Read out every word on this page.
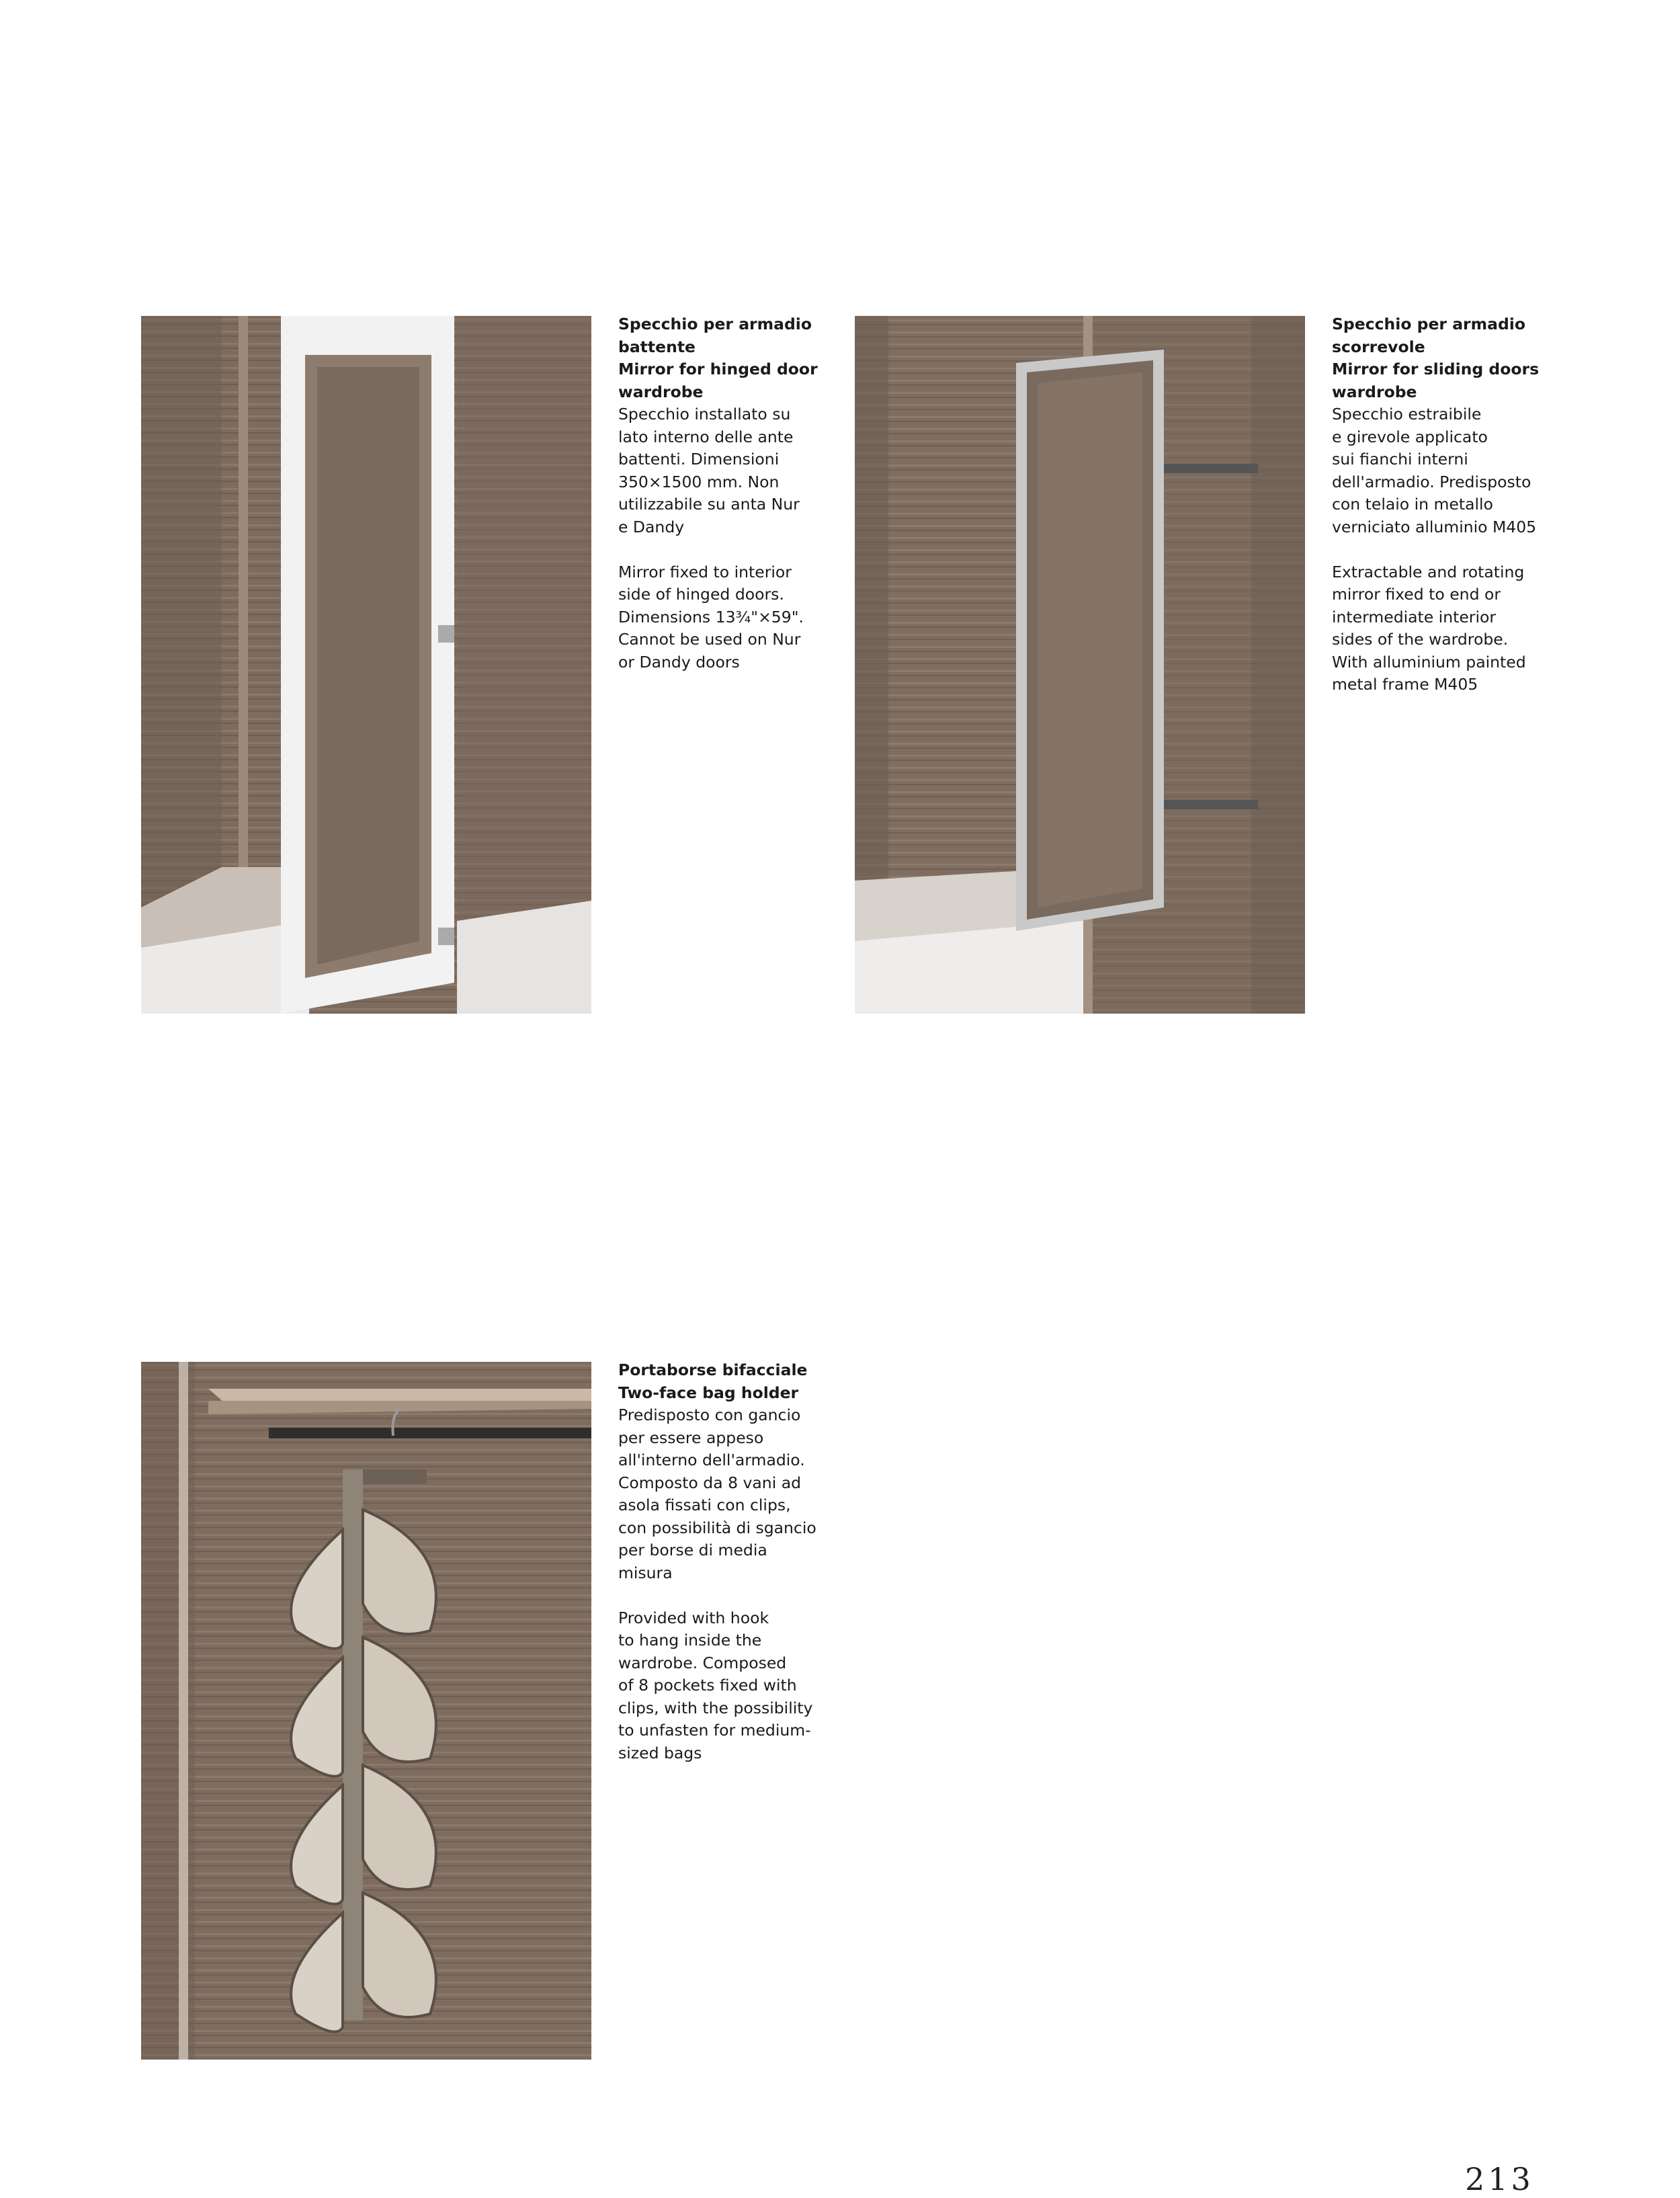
Specchio per armadio battente
Mirror for hinged door wardrobe
Specchio installato su
lato interno delle ante
battenti. Dimensioni
350×1500 mm. Non
utilizzabile su anta Nur
e Dandy
Mirror fixed to interior
side of hinged doors.
Dimensions 13¾"×59".
Cannot be used on Nur
or Dandy doors
Specchio per armadio scorrevole
Mirror for sliding doors wardrobe
Specchio estraibile
e girevole applicato
sui fianchi interni
dell'armadio. Predisposto
con telaio in metallo
verniciato alluminio M405
Extractable and rotating
mirror fixed to end or
intermediate interior
sides of the wardrobe.
With alluminium painted
metal frame M405
Portaborse bifacciale
Two-face bag holder
Predisposto con gancio
per essere appeso
all'interno dell'armadio.
Composto da 8 vani ad
asola fissati con clips,
con possibilità di sgancio
per borse di media
misura
Provided with hook
to hang inside the
wardrobe. Composed
of 8 pockets fixed with
clips, with the possibility
to unfasten for medium-
sized bags
213
